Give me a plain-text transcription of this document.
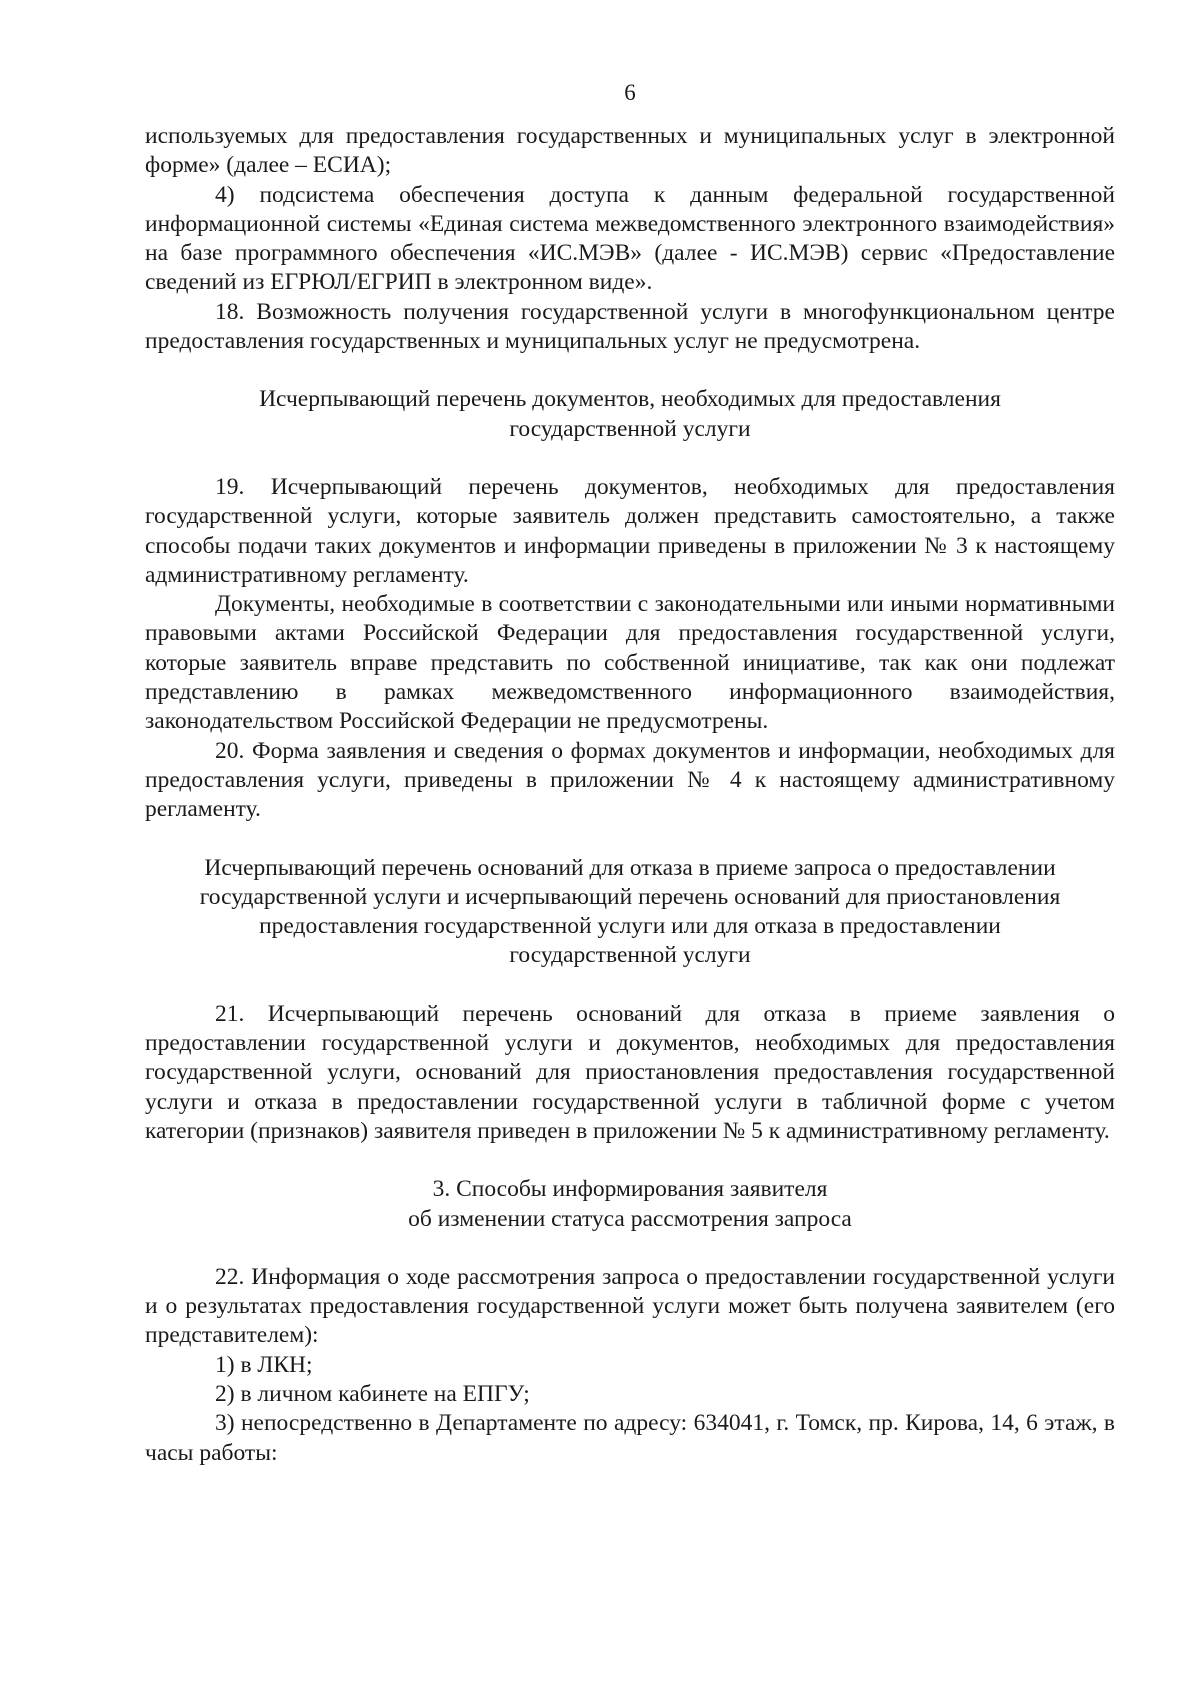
6

используемых для предоставления государственных и муниципальных услуг в электронной форме» (далее – ЕСИА);

4) подсистема обеспечения доступа к данным федеральной государственной информационной системы «Единая система межведомственного электронного взаимодействия» на базе программного обеспечения «ИС.МЭВ» (далее - ИС.МЭВ) сервис «Предоставление сведений из ЕГРЮЛ/ЕГРИП в электронном виде».

18. Возможность получения государственной услуги в многофункциональном центре предоставления государственных и муниципальных услуг не предусмотрена.

Исчерпывающий перечень документов, необходимых для предоставления
государственной услуги

19. Исчерпывающий перечень документов, необходимых для предоставления государственной услуги, которые заявитель должен представить самостоятельно, а также способы подачи таких документов и информации приведены в приложении № 3 к настоящему административному регламенту.

Документы, необходимые в соответствии с законодательными или иными нормативными правовыми актами Российской Федерации для предоставления государственной услуги, которые заявитель вправе представить по собственной инициативе, так как они подлежат представлению в рамках межведомственного информационного взаимодействия, законодательством Российской Федерации не предусмотрены.

20. Форма заявления и сведения о формах документов и информации, необходимых для предоставления услуги, приведены в приложении № 4 к настоящему административному регламенту.

Исчерпывающий перечень оснований для отказа в приеме запроса о предоставлении
государственной услуги и исчерпывающий перечень оснований для приостановления
предоставления государственной услуги или для отказа в предоставлении
государственной услуги

21. Исчерпывающий перечень оснований для отказа в приеме заявления о предоставлении государственной услуги и документов, необходимых для предоставления государственной услуги, оснований для приостановления предоставления государственной услуги и отказа в предоставлении государственной услуги в табличной форме с учетом категории (признаков) заявителя приведен в приложении № 5 к административному регламенту.

3. Способы информирования заявителя
об изменении статуса рассмотрения запроса

22. Информация о ходе рассмотрения запроса о предоставлении государственной услуги и о результатах предоставления государственной услуги может быть получена заявителем (его представителем):

1) в ЛКН;

2) в личном кабинете на ЕПГУ;

3) непосредственно в Департаменте по адресу: 634041, г. Томск, пр. Кирова, 14, 6 этаж, в часы работы:
